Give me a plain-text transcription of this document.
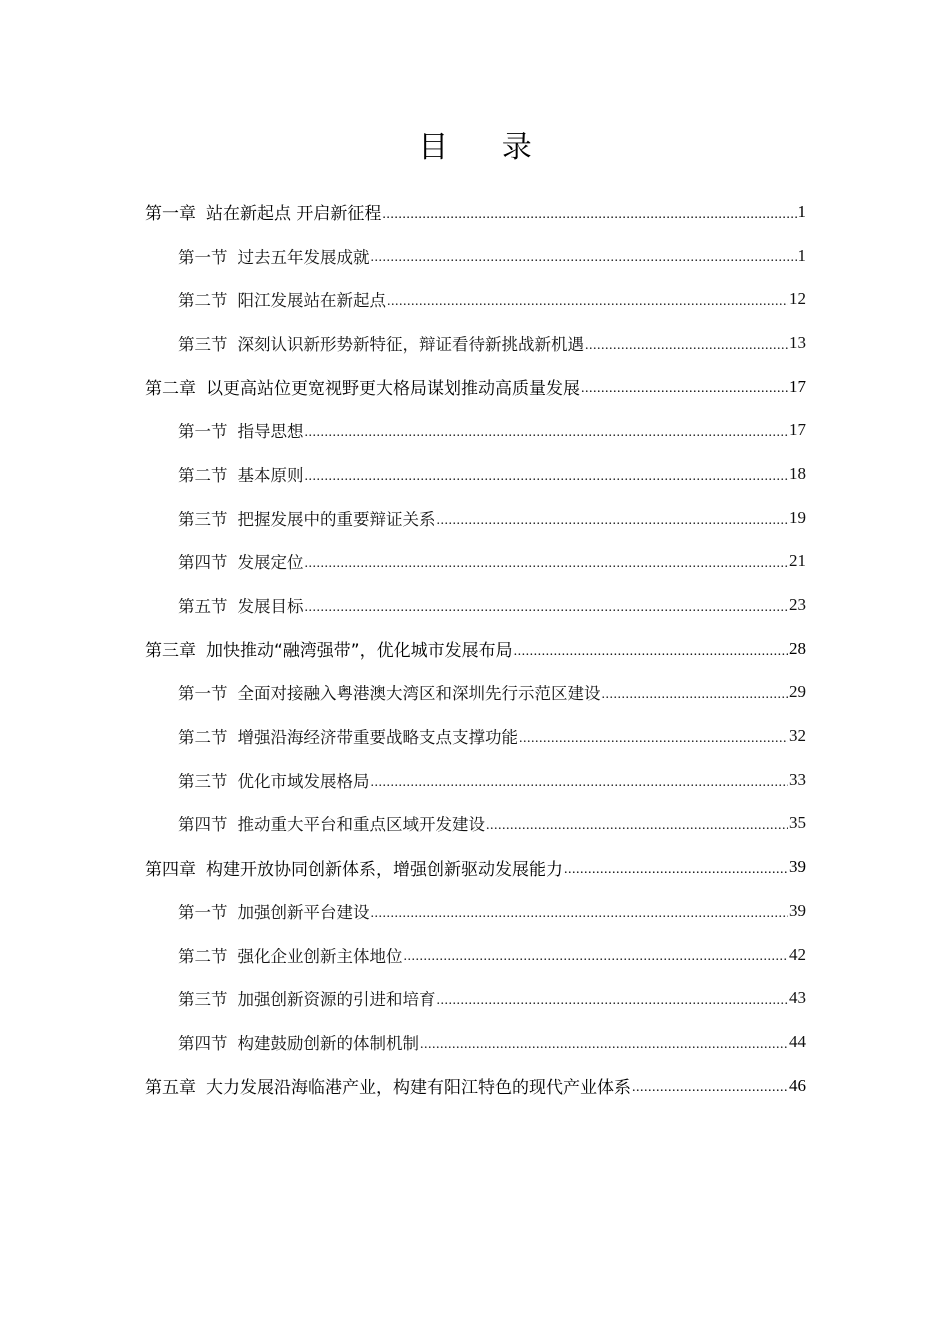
目 录
第一章 站在新起点 开启新征程 .....	1
第一节 过去五年发展成就 .....	1
第二节 阳江发展站在新起点 .....	12
第三节 深刻认识新形势新特征，辩证看待新挑战新机遇 .....	13
第二章 以更高站位更宽视野更大格局谋划推动高质量发展 .....	17
第一节 指导思想 .....	17
第二节 基本原则 .....	18
第三节 把握发展中的重要辩证关系 .....	19
第四节 发展定位 .....	21
第五节 发展目标 .....	23
第三章 加快推动“融湾强带”，优化城市发展布局 .....	28
第一节 全面对接融入粤港澳大湾区和深圳先行示范区建设 .....	29
第二节 增强沿海经济带重要战略支点支撑功能 .....	32
第三节 优化市域发展格局 .....	33
第四节 推动重大平台和重点区域开发建设 .....	35
第四章 构建开放协同创新体系，增强创新驱动发展能力 .....	39
第一节 加强创新平台建设 .....	39
第二节 强化企业创新主体地位 .....	42
第三节 加强创新资源的引进和培育 .....	43
第四节 构建鼓励创新的体制机制 .....	44
第五章 大力发展沿海临港产业，构建有阳江特色的现代产业体系 .....	46
